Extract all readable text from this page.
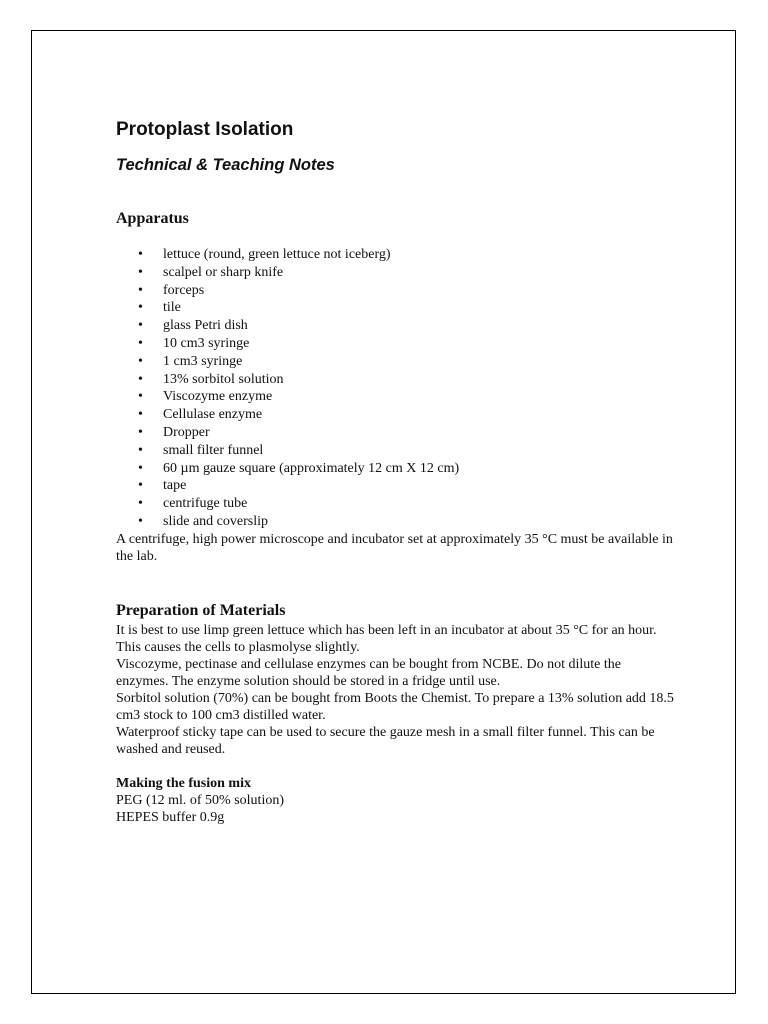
Protoplast Isolation
Technical & Teaching Notes
Apparatus
• lettuce (round, green lettuce not iceberg)
• scalpel or sharp knife
• forceps
• tile
• glass Petri dish
• 10 cm3 syringe
• 1 cm3 syringe
• 13% sorbitol solution
• Viscozyme enzyme
• Cellulase enzyme
• Dropper
• small filter funnel
• 60 µm gauze square (approximately 12 cm X 12 cm)
• tape
• centrifuge tube
• slide and coverslip

A centrifuge, high power microscope and incubator set at approximately 35 °C must be available in the lab.

Preparation of Materials

It is best to use limp green lettuce which has been left in an incubator at about 35 °C for an hour. This causes the cells to plasmolyse slightly.

Viscozyme, pectinase and cellulase enzymes can be bought from NCBE. Do not dilute the enzymes. The enzyme solution should be stored in a fridge until use.

Sorbitol solution (70%) can be bought from Boots the Chemist. To prepare a 13% solution add 18.5 cm3 stock to 100 cm3 distilled water.

Waterproof sticky tape can be used to secure the gauze mesh in a small filter funnel. This can be washed and reused.

Making the fusion mix

PEG (12 ml. of 50% solution)

HEPES buffer 0.9g
